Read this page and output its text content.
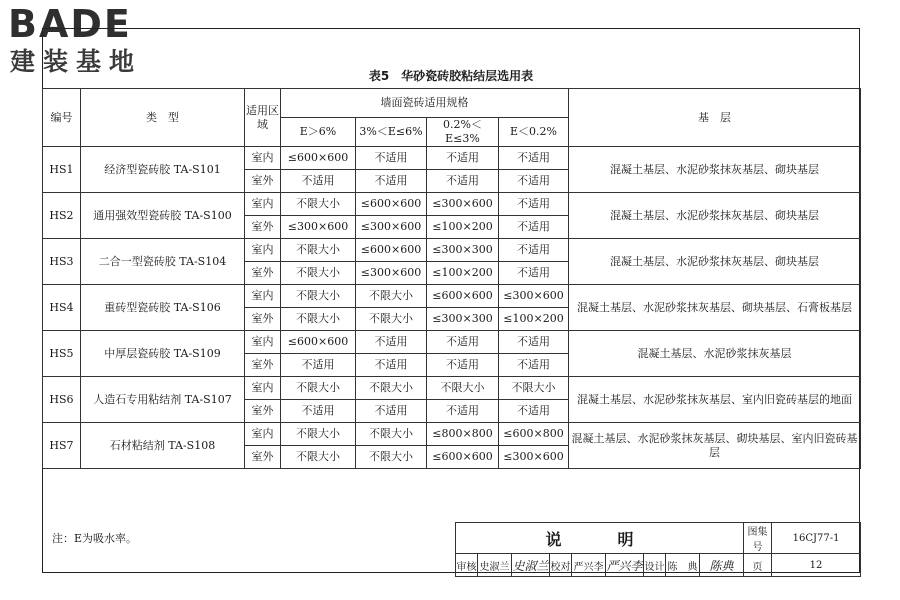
BADE
建装基地	表5　华砂瓷砖胶粘结层选用表
编号	类　型	适用区域	墙面瓷砖适用规格				基　层
			E＞6%	3%＜E≤6%	0.2%＜E≤3%	E＜0.2%	
HS1	经济型瓷砖胶 TA-S101	室内	≤600×600	不适用	不适用	不适用	混凝土基层、水泥砂浆抹灰基层、砌块基层
		室外	不适用	不适用	不适用	不适用	
HS2	通用强效型瓷砖胶 TA-S100	室内	不限大小	≤600×600	≤300×600	不适用	混凝土基层、水泥砂浆抹灰基层、砌块基层
		室外	≤300×600	≤300×600	≤100×200	不适用	
HS3	二合一型瓷砖胶 TA-S104	室内	不限大小	≤600×600	≤300×300	不适用	混凝土基层、水泥砂浆抹灰基层、砌块基层
		室外	不限大小	≤300×600	≤100×200	不适用	
HS4	重砖型瓷砖胶 TA-S106	室内	不限大小	不限大小	≤600×600	≤300×600	混凝土基层、水泥砂浆抹灰基层、砌块基层、石膏板基层
		室外	不限大小	不限大小	≤300×300	≤100×200	
HS5	中厚层瓷砖胶 TA-S109	室内	≤600×600	不适用	不适用	不适用	混凝土基层、水泥砂浆抹灰基层
		室外	不适用	不适用	不适用	不适用	
HS6	人造石专用粘结剂 TA-S107	室内	不限大小	不限大小	不限大小	不限大小	混凝土基层、水泥砂浆抹灰基层、室内旧瓷砖基层的地面
		室外	不适用	不适用	不适用	不适用	
HS7	石材粘结剂 TA-S108	室内	不限大小	不限大小	≤800×800	≤600×800	混凝土基层、水泥砂浆抹灰基层、砌块基层、室内旧瓷砖基层
		室外	不限大小	不限大小	≤600×600	≤300×600	
注：E为吸水率。	说　明									图集号	16CJ77-1
审核	史淑兰	史淑兰	校对	严兴李	严兴李	设计	陈　典	陈典	页	12
